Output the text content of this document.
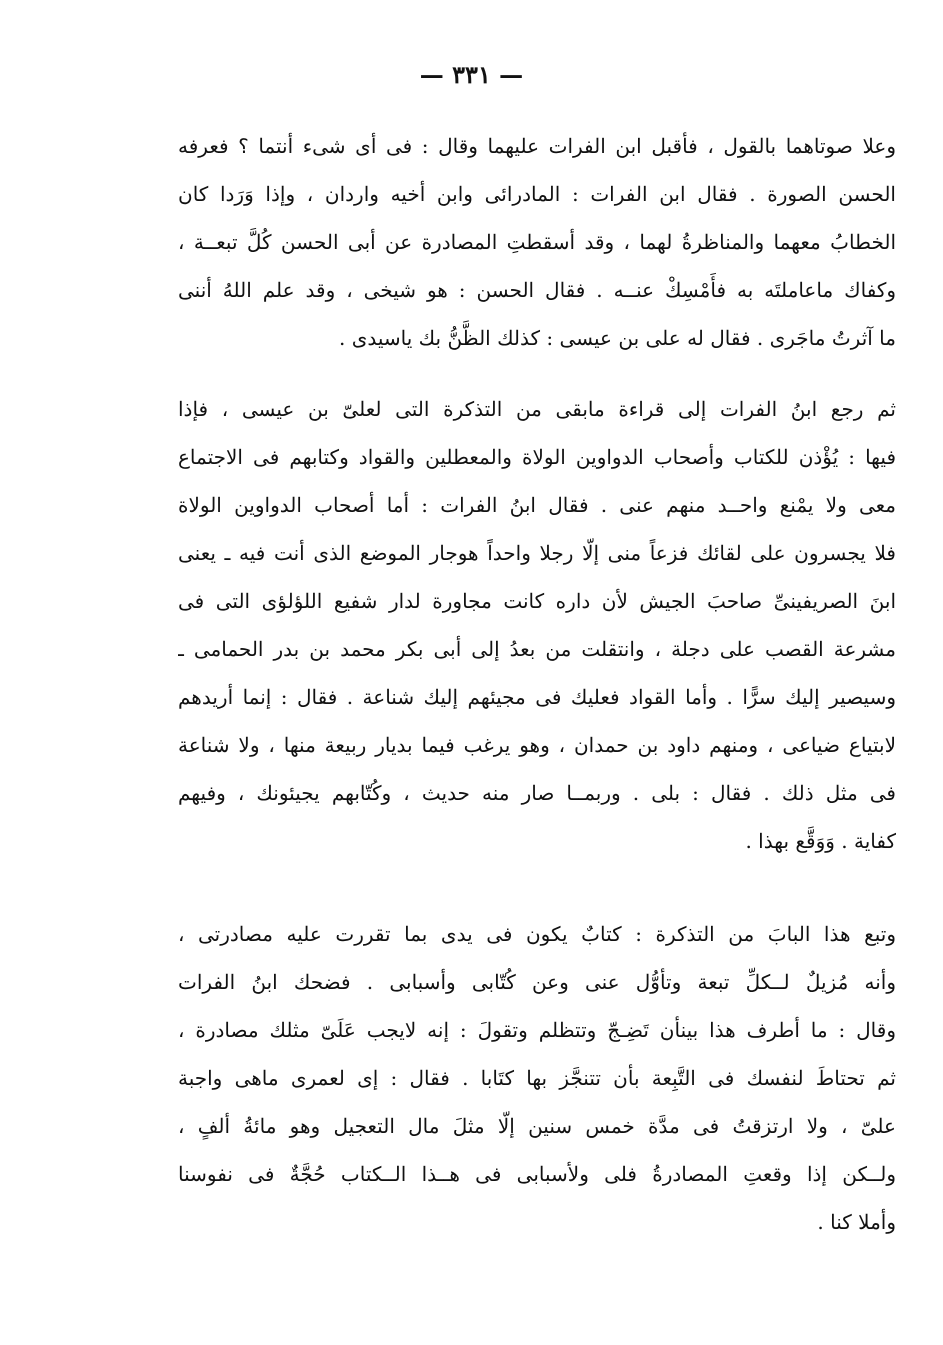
— ٣٣١ —
وعلا صوتاهما بالقول ، فأقبل ابن الفرات عليهما وقال : فى أى شىء أنتما ؟ فعرفه
الحسن الصورة . فقال ابن الفرات : المادرائى وابن أخيه واردان ، وإذا وَرَدا كان
الخطابُ معهما والمناظرةُ لهما ، وقد أسقطتِ المصادرة عن أبى الحسن كُلَّ تبعــة ،
وكفاك ماعاملتَه به فأَمْسِكْ عنــه . فقال الحسن : هو شيخى ، وقد علم اللهُ أننى
ما آثرتُ ماجَرى . فقال له على بن عيسى : كذلك الظَّنُّ بك ياسيدى .
ثم رجع ابنُ الفرات إلى قراءة مابقى من التذكرة التى لعلىّ بن عيسى ، فإذا
فيها : يُؤْذن للكتاب وأصحاب الدواوين الولاة والمعطلين والقواد وكتابهم فى الاجتماع
معى ولا يمْنع واحــد منهم عنى . فقال ابنُ الفرات : أما أصحاب الدواوين الولاة
فلا يجسرون على لقائك فزعاً منى إلّا رجلا واحداً هوجار الموضع الذى أنت فيه ـ يعنى
ابنَ الصريفينىِّ صاحبَ الجيش لأن داره كانت مجاورة لدار شفيع اللؤلؤى التى فى
مشرعة القصب على دجلة ، وانتقلت من بعدُ إلى أبى بكر محمد بن بدر الحمامى ـ
وسيصير إليك سرًّا . وأما القواد فعليك فى مجيئهم إليك شناعة . فقال : إنما أريدهم
لابتياع ضياعى ، ومنهم داود بن حمدان ، وهو يرغب فيما بديار ربيعة منها ، ولا شناعة
فى مثل ذلك . فقال : بلى . وربمــا صار منه حديث ، وكُتّابهم يجيئونك ، وفيهم
كفاية . وَوَقَّع بهذا .
وتبع هذا البابَ من التذكرة : كتابٌ يكون فى يدى بما تقررت عليه مصادرتى ،
وأنه مُزيلٌ لــكلِّ تبعة وتأوُّل عنى وعن كُتّابى وأسبابى . فضحك ابنُ الفرات
وقال : ما أطرف هذا بينأن تَضِـجّ وتتظلم وتقولَ : إنه لايجب عَلَىّ مثلك مصادرة ،
ثم تحتاطَ لنفسك فى التَّبِعة بأن تتنجَّز بها كتَابا . فقال : إى لعمرى ماهى واجبة
علىّ ، ولا ارتزقتُ فى مدَّة خمس سنين إلّا مثلَ مال التعجيل وهو مائةُ ألفٍ ،
ولــكن إذا وقعتِ المصادرةُ فلى ولأسبابى فى هــذا الــكتاب حُجَّةٌ فى نفوسنا
وأملا كنا .
